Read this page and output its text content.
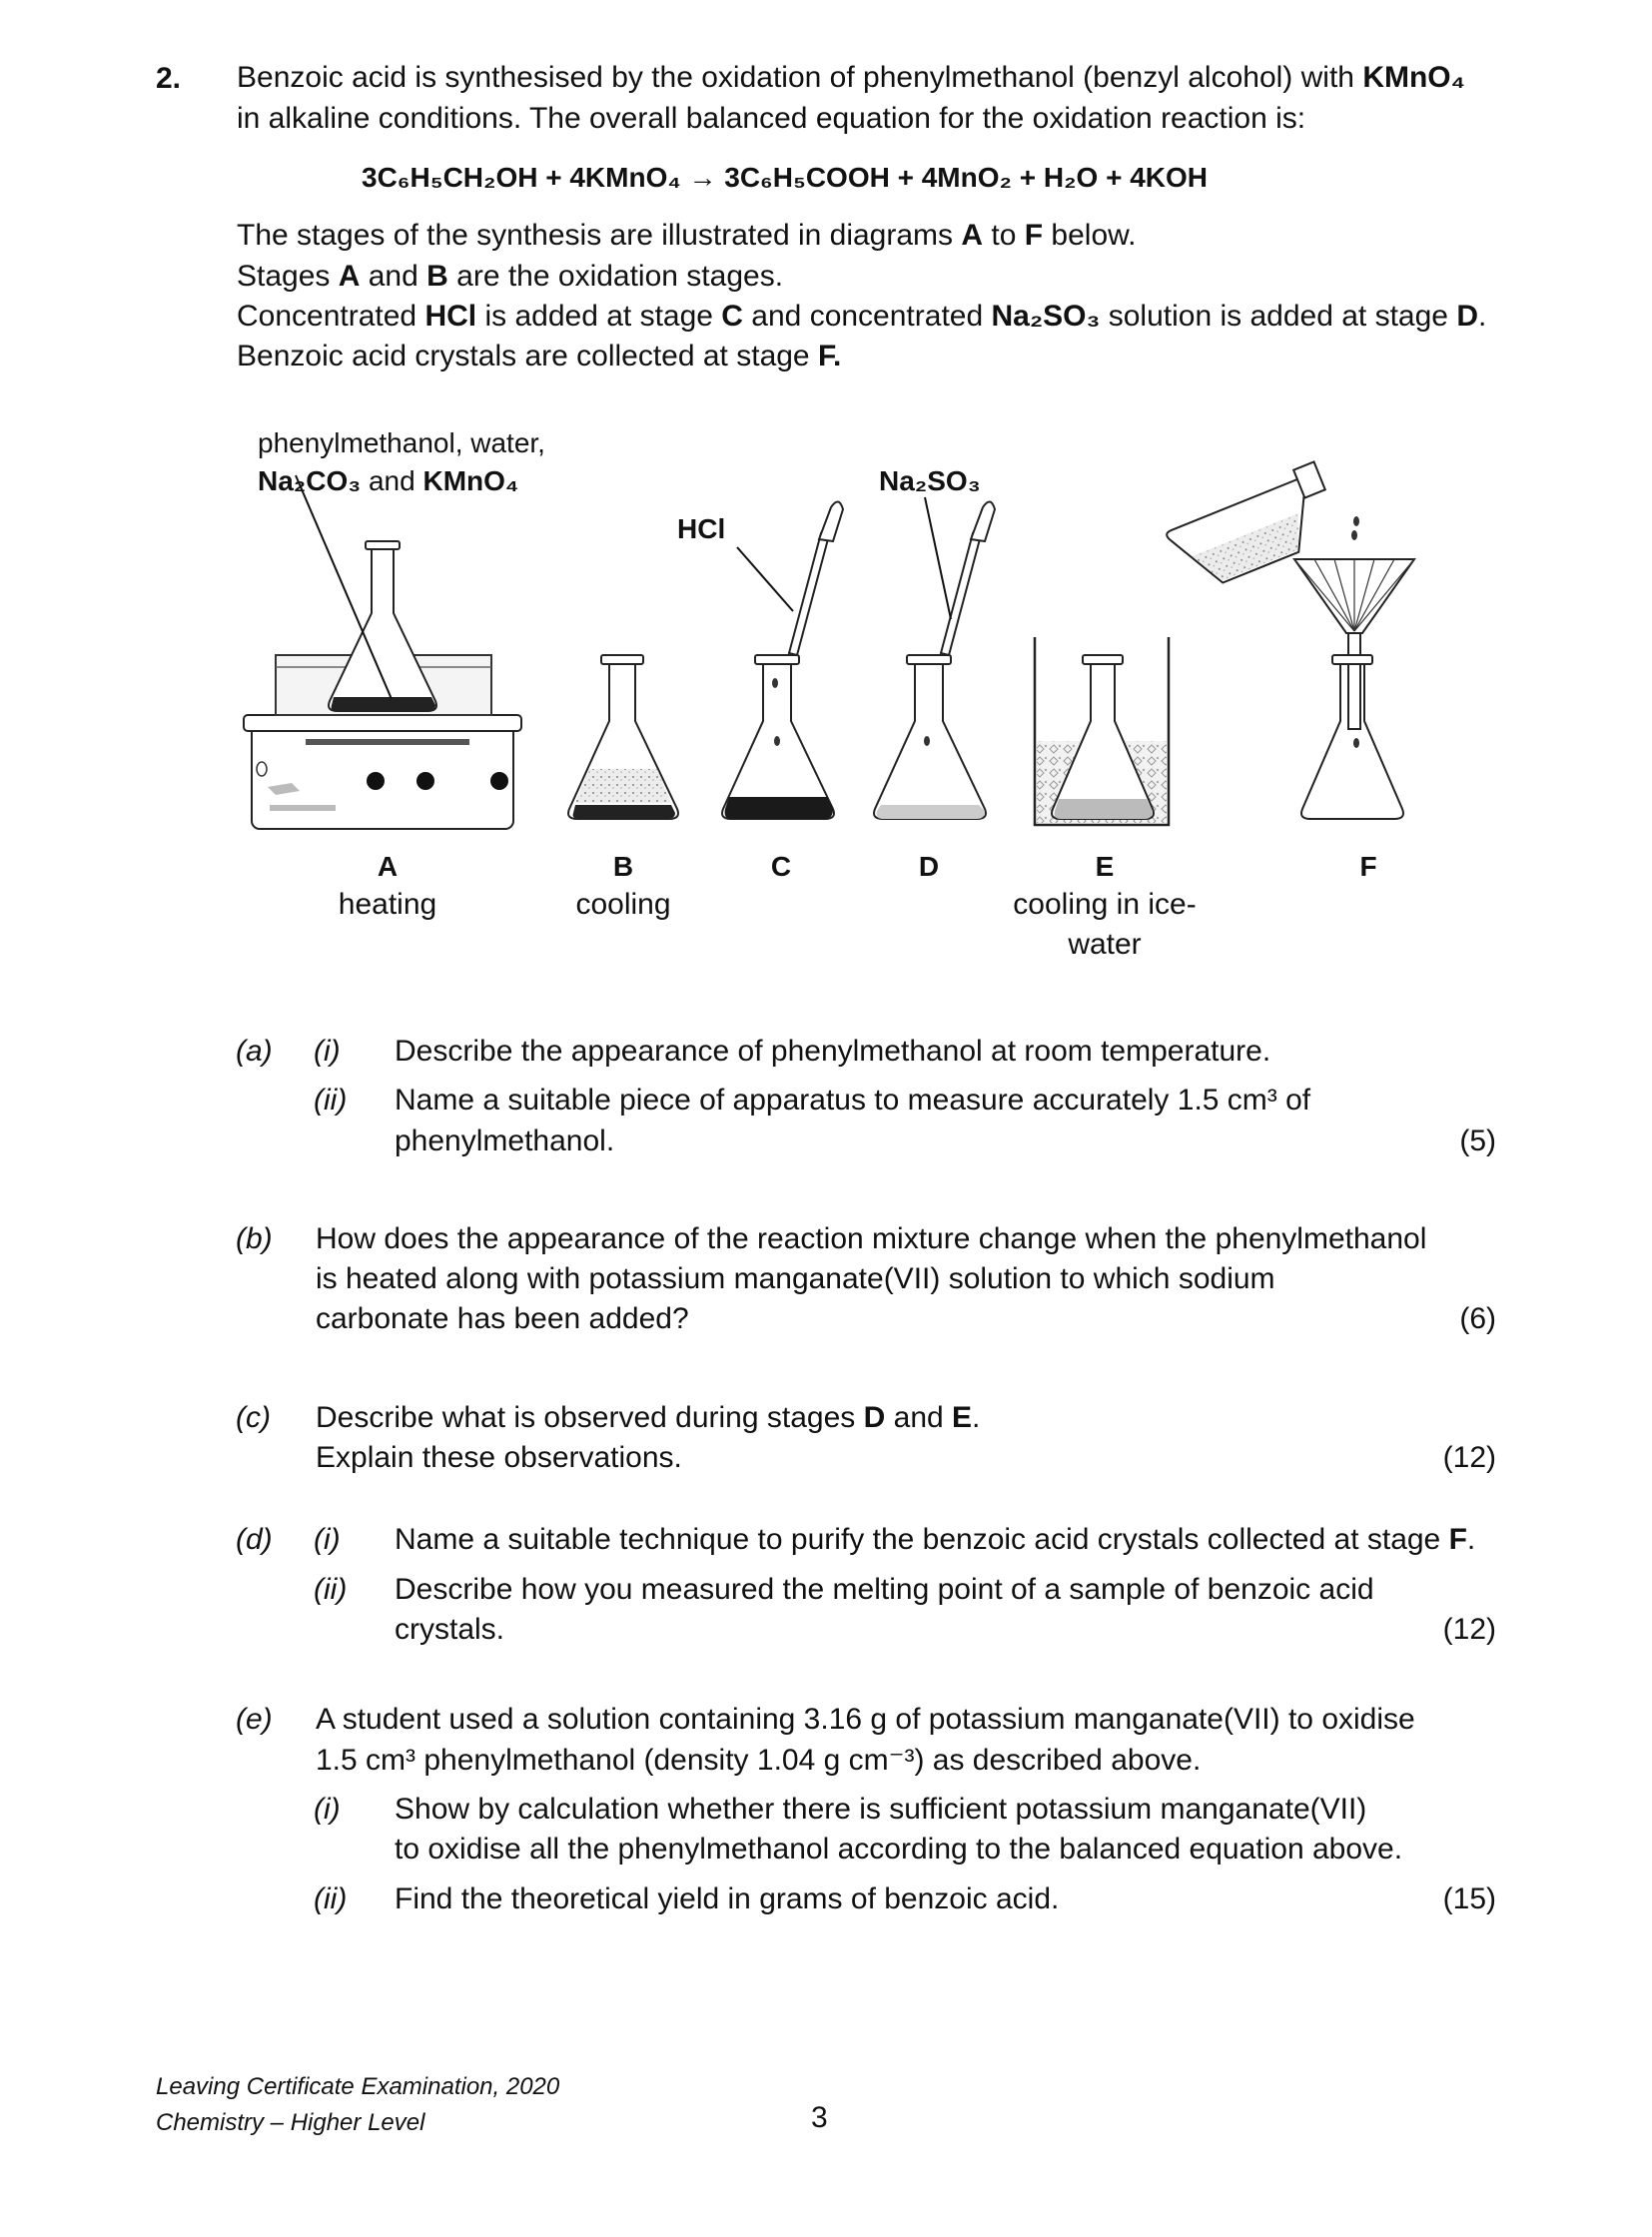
2. Benzoic acid is synthesised by the oxidation of phenylmethanol (benzyl alcohol) with KMnO₄
in alkaline conditions. The overall balanced equation for the oxidation reaction is:
3C₆H₅CH₂OH + 4KMnO₄ → 3C₆H₅COOH + 4MnO₂ + H₂O + 4KOH
The stages of the synthesis are illustrated in diagrams A to F below.
Stages A and B are the oxidation stages.
Concentrated HCl is added at stage C and concentrated Na₂SO₃ solution is added at stage D.
Benzoic acid crystals are collected at stage F.
phenylmethanol, water,
Na₂CO₃ and KMnO₄
HCl
Na₂SO₃
A
heating
B
cooling
C	D	E
cooling in ice-water
F
(a) (i) Describe the appearance of phenylmethanol at room temperature.
(ii) Name a suitable piece of apparatus to measure accurately 1.5 cm³ of
phenylmethanol.	(5)
(b) How does the appearance of the reaction mixture change when the phenylmethanol
is heated along with potassium manganate(VII) solution to which sodium
carbonate has been added?	(6)
(c) Describe what is observed during stages D and E.
Explain these observations.	(12)
(d) (i) Name a suitable technique to purify the benzoic acid crystals collected at stage F.
(ii) Describe how you measured the melting point of a sample of benzoic acid
crystals.	(12)
(e) A student used a solution containing 3.16 g of potassium manganate(VII) to oxidise
1.5 cm³ phenylmethanol (density 1.04 g cm⁻³) as described above.
(i) Show by calculation whether there is sufficient potassium manganate(VII)
to oxidise all the phenylmethanol according to the balanced equation above.
(ii) Find the theoretical yield in grams of benzoic acid.	(15)
Leaving Certificate Examination, 2020
Chemistry – Higher Level	3
